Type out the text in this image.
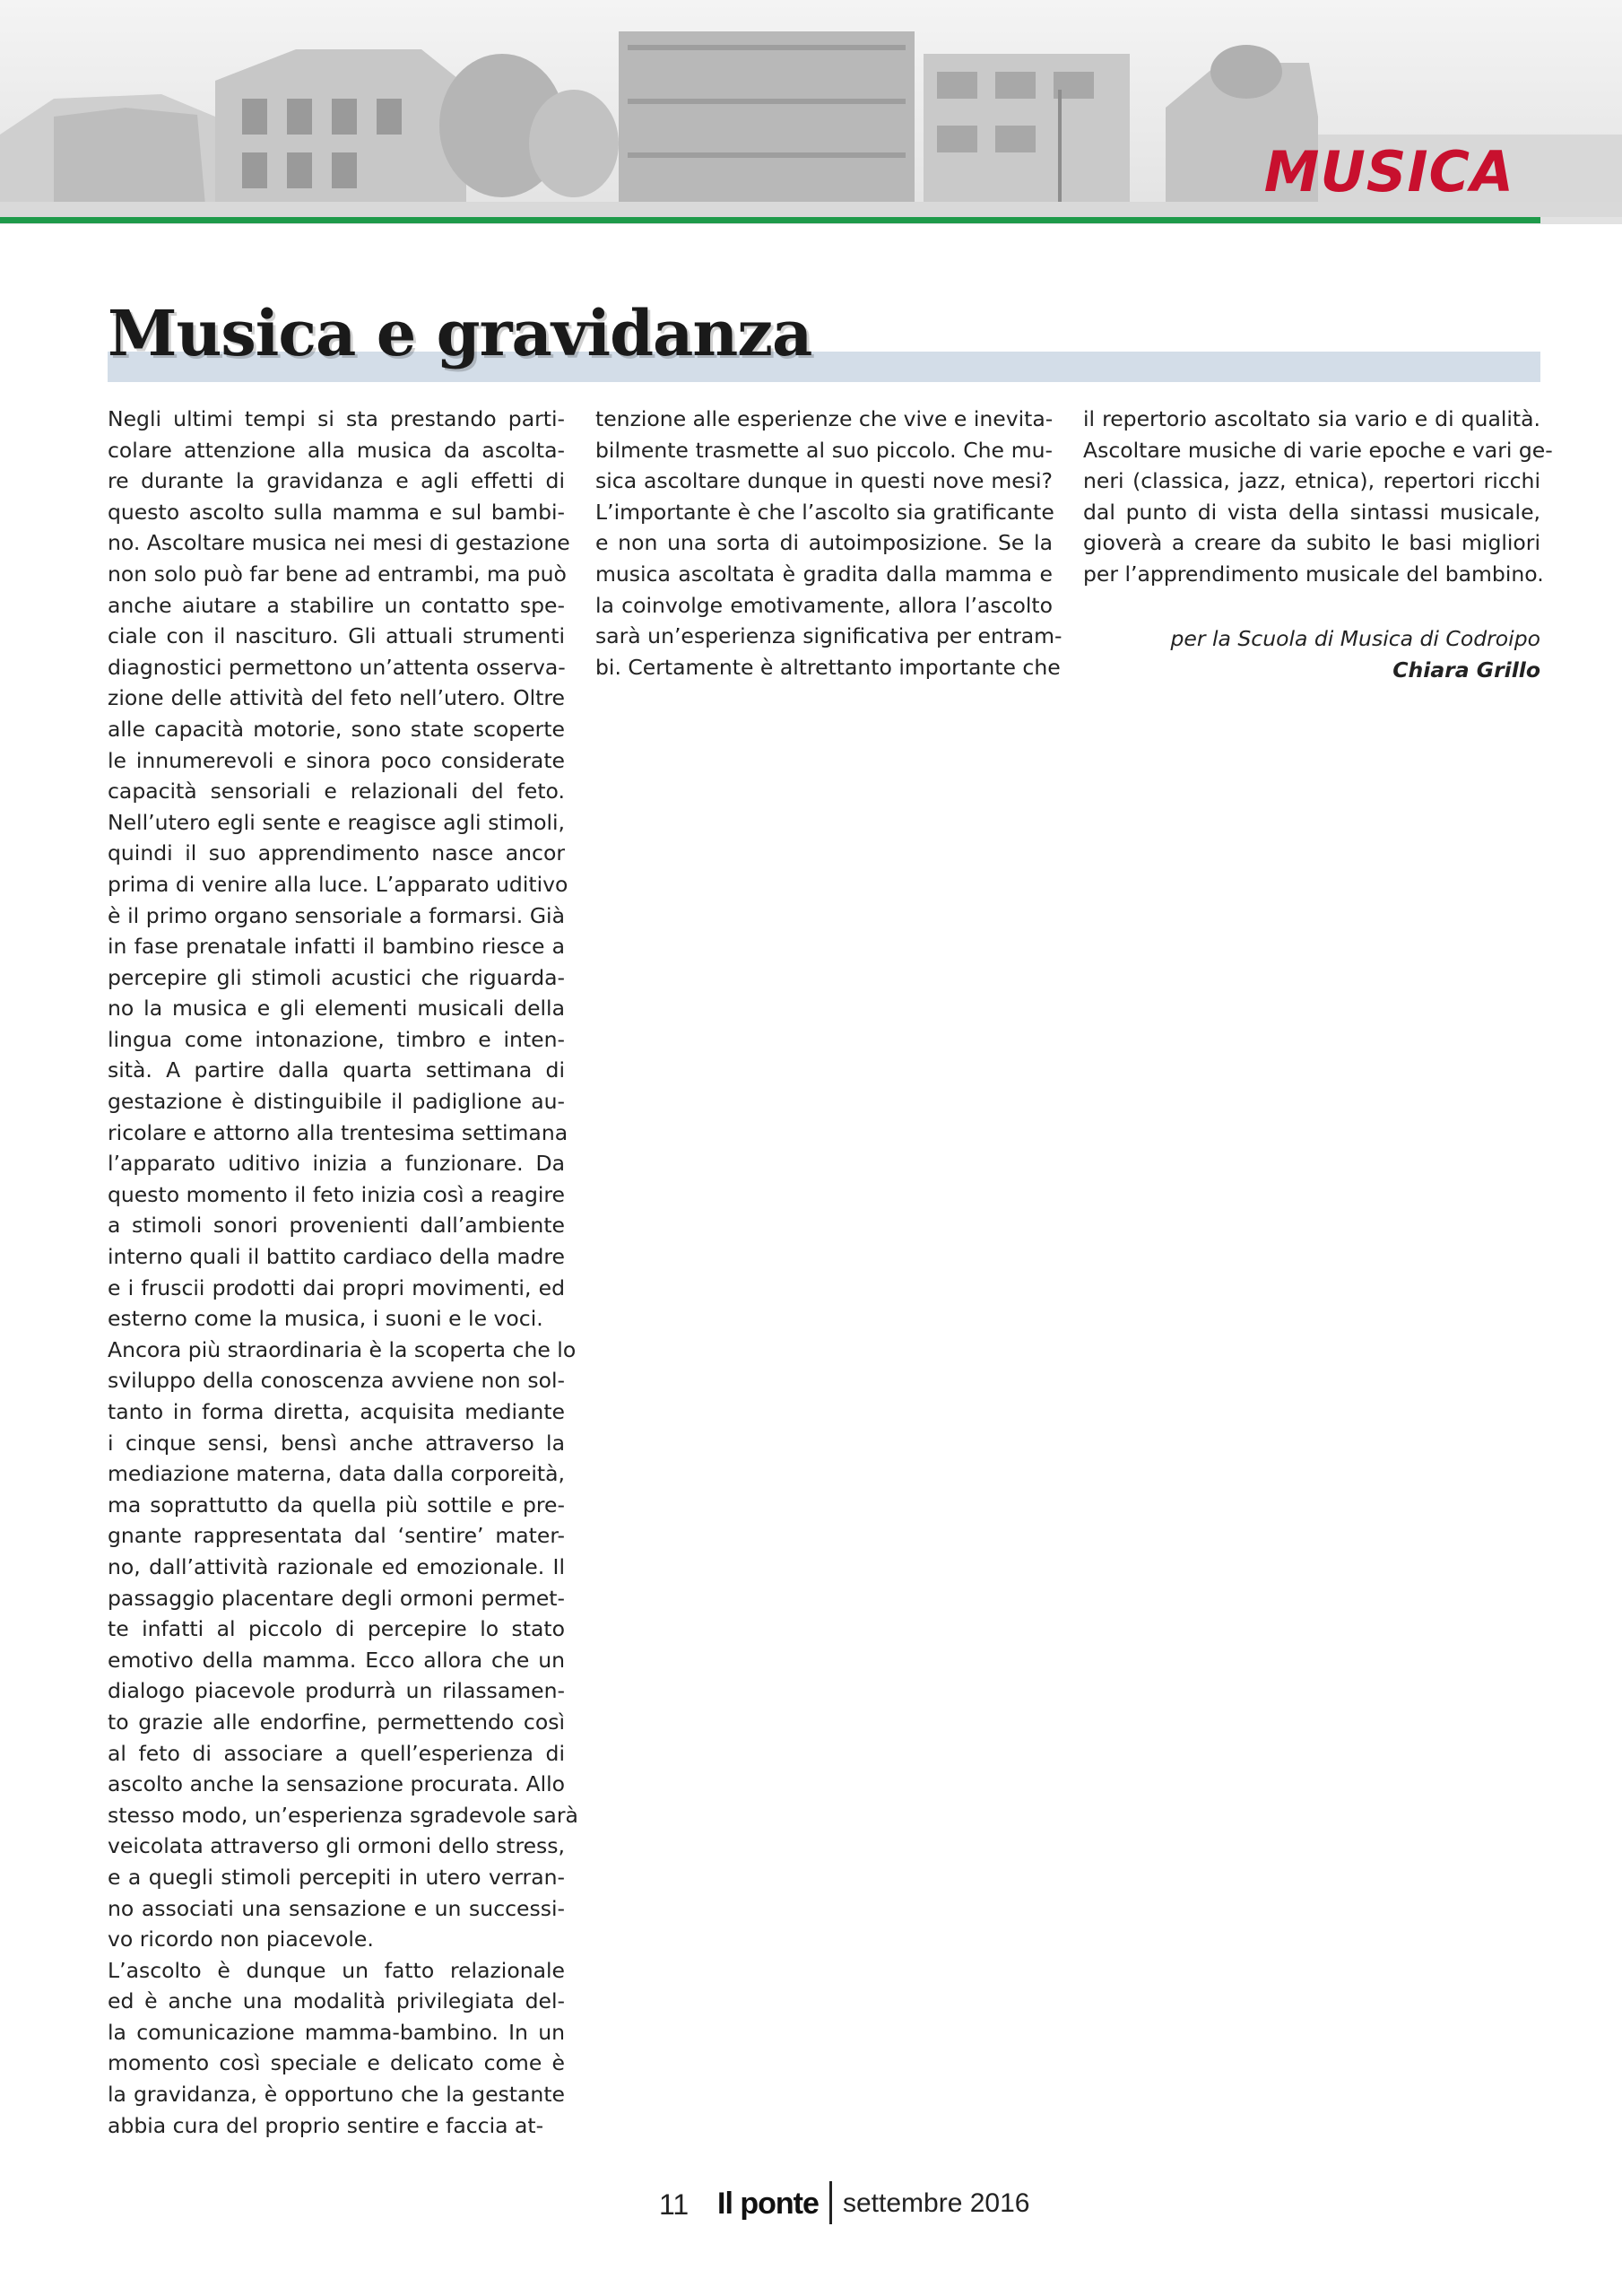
MUSICA
Musica e gravidanza
Negli ultimi tempi si sta prestando parti-
colare attenzione alla musica da ascolta-
re durante la gravidanza e agli effetti di
questo ascolto sulla mamma e sul bambi-
no. Ascoltare musica nei mesi di gestazione
non solo può far bene ad entrambi, ma può
anche aiutare a stabilire un contatto spe-
ciale con il nascituro. Gli attuali strumenti
diagnostici permettono un’attenta osserva-
zione delle attività del feto nell’utero. Oltre
alle capacità motorie, sono state scoperte
le innumerevoli e sinora poco considerate
capacità sensoriali e relazionali del feto.
Nell’utero egli sente e reagisce agli stimoli,
quindi il suo apprendimento nasce ancor
prima di venire alla luce. L’apparato uditivo
è il primo organo sensoriale a formarsi. Già
in fase prenatale infatti il bambino riesce a
percepire gli stimoli acustici che riguarda-
no la musica e gli elementi musicali della
lingua come intonazione, timbro e inten-
sità. A partire dalla quarta settimana di
gestazione è distinguibile il padiglione au-
ricolare e attorno alla trentesima settimana
l’apparato uditivo inizia a funzionare. Da
questo momento il feto inizia così a reagire
a stimoli sonori provenienti dall’ambiente
interno quali il battito cardiaco della madre
e i fruscii prodotti dai propri movimenti, ed
esterno come la musica, i suoni e le voci.
Ancora più straordinaria è la scoperta che lo
sviluppo della conoscenza avviene non sol-
tanto in forma diretta, acquisita mediante
i cinque sensi, bensì anche attraverso la
mediazione materna, data dalla corporeità,
ma soprattutto da quella più sottile e pre-
gnante rappresentata dal ‘sentire’ mater-
no, dall’attività razionale ed emozionale. Il
passaggio placentare degli ormoni permet-
te infatti al piccolo di percepire lo stato
emotivo della mamma. Ecco allora che un
dialogo piacevole produrrà un rilassamen-
to grazie alle endorfine, permettendo così
al feto di associare a quell’esperienza di
ascolto anche la sensazione procurata. Allo
stesso modo, un’esperienza sgradevole sarà
veicolata attraverso gli ormoni dello stress,
e a quegli stimoli percepiti in utero verran-
no associati una sensazione e un successi-
vo ricordo non piacevole.
L’ascolto è dunque un fatto relazionale
ed è anche una modalità privilegiata del-
la comunicazione mamma-bambino. In un
momento così speciale e delicato come è
la gravidanza, è opportuno che la gestante
abbia cura del proprio sentire e faccia at-
tenzione alle esperienze che vive e inevita-
bilmente trasmette al suo piccolo. Che mu-
sica ascoltare dunque in questi nove mesi?
L’importante è che l’ascolto sia gratificante
e non una sorta di autoimposizione. Se la
musica ascoltata è gradita dalla mamma e
la coinvolge emotivamente, allora l’ascolto
sarà un’esperienza significativa per entram-
bi. Certamente è altrettanto importante che
il repertorio ascoltato sia vario e di qualità.
Ascoltare musiche di varie epoche e vari ge-
neri (classica, jazz, etnica), repertori ricchi
dal punto di vista della sintassi musicale,
gioverà a creare da subito le basi migliori
per l’apprendimento musicale del bambino.
per la Scuola di Musica di Codroipo
Chiara Grillo
11 Il ponte settembre 2016
